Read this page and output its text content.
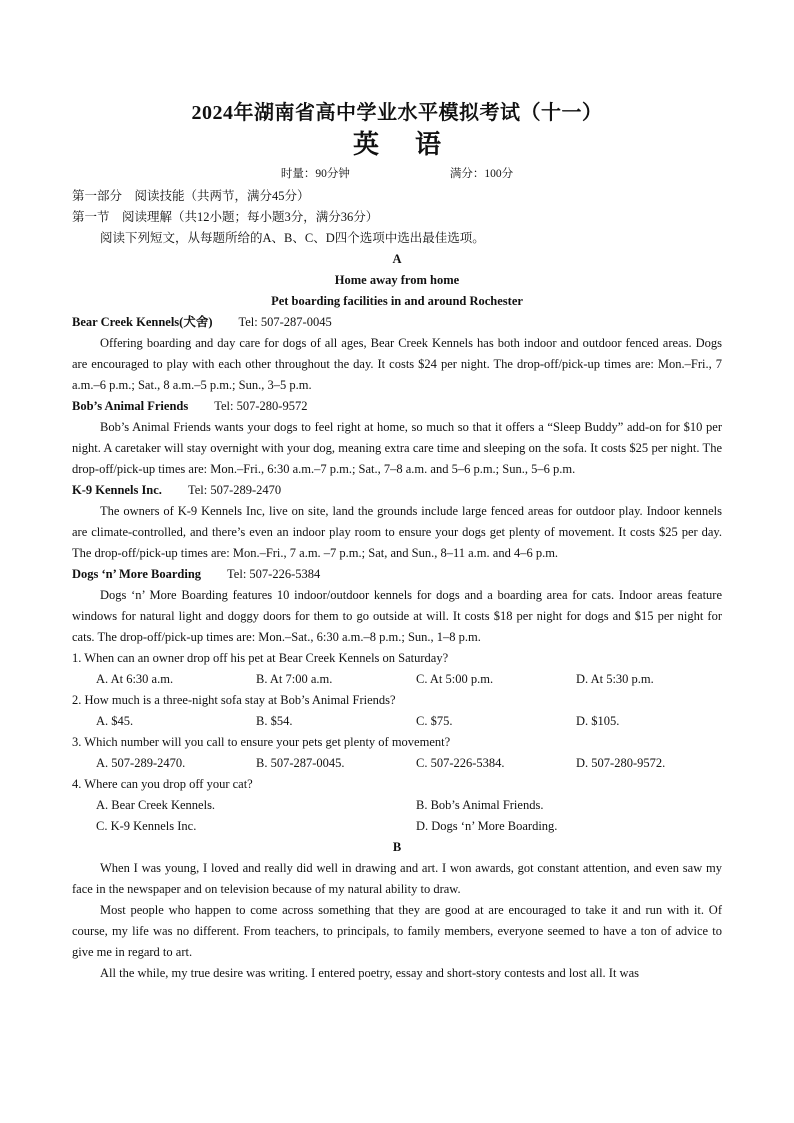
2024年湖南省高中学业水平模拟考试（十一）
英 语
时量：90分钟	满分：100分
第一部分　阅读技能（共两节，满分45分）
第一节　阅读理解（共12小题；每小题3分，满分36分）
阅读下列短文，从每题所给的A、B、C、D四个选项中选出最佳选项。
A
Home away from home
Pet boarding facilities in and around Rochester
Bear Creek Kennels(犬舍) Tel: 507-287-0045
Offering boarding and day care for dogs of all ages, Bear Creek Kennels has both indoor and outdoor fenced areas. Dogs are encouraged to play with each other throughout the day. It costs $24 per night. The drop-off/pick-up times are: Mon.–Fri., 7 a.m.–6 p.m.; Sat., 8 a.m.–5 p.m.; Sun., 3–5 p.m.
Bob’s Animal Friends Tel: 507-280-9572
Bob’s Animal Friends wants your dogs to feel right at home, so much so that it offers a “Sleep Buddy” add-on for $10 per night. A caretaker will stay overnight with your dog, meaning extra care time and sleeping on the sofa. It costs $25 per night. The drop-off/pick-up times are: Mon.–Fri., 6:30 a.m.–7 p.m.; Sat., 7–8 a.m. and 5–6 p.m.; Sun., 5–6 p.m.
K-9 Kennels Inc. Tel: 507-289-2470
The owners of K-9 Kennels Inc, live on site, land the grounds include large fenced areas for outdoor play. Indoor kennels are climate-controlled, and there’s even an indoor play room to ensure your dogs get plenty of movement. It costs $25 per day. The drop-off/pick-up times are: Mon.–Fri., 7 a.m. –7 p.m.; Sat, and Sun., 8–11 a.m. and 4–6 p.m.
Dogs ‘n’ More Boarding Tel: 507-226-5384
Dogs ‘n’ More Boarding features 10 indoor/outdoor kennels for dogs and a boarding area for cats. Indoor areas feature windows for natural light and doggy doors for them to go outside at will. It costs $18 per night for dogs and $15 per night for cats. The drop-off/pick-up times are: Mon.–Sat., 6:30 a.m.–8 p.m.; Sun., 1–8 p.m.
1. When can an owner drop off his pet at Bear Creek Kennels on Saturday?
A. At 6:30 a.m.	B. At 7:00 a.m.	C. At 5:00 p.m.	D. At 5:30 p.m.
2. How much is a three-night sofa stay at Bob’s Animal Friends?
A. $45.	B. $54.	C. $75.	D. $105.
3. Which number will you call to ensure your pets get plenty of movement?
A. 507-289-2470.	B. 507-287-0045.	C. 507-226-5384.	D. 507-280-9572.
4. Where can you drop off your cat?
A. Bear Creek Kennels.	B. Bob’s Animal Friends.
C. K-9 Kennels Inc.	D. Dogs ‘n’ More Boarding.
B
When I was young, I loved and really did well in drawing and art. I won awards, got constant attention, and even saw my face in the newspaper and on television because of my natural ability to draw.
Most people who happen to come across something that they are good at are encouraged to take it and run with it. Of course, my life was no different. From teachers, to principals, to family members, everyone seemed to have a ton of advice to give me in regard to art.
All the while, my true desire was writing. I entered poetry, essay and short-story contests and lost all. It was
